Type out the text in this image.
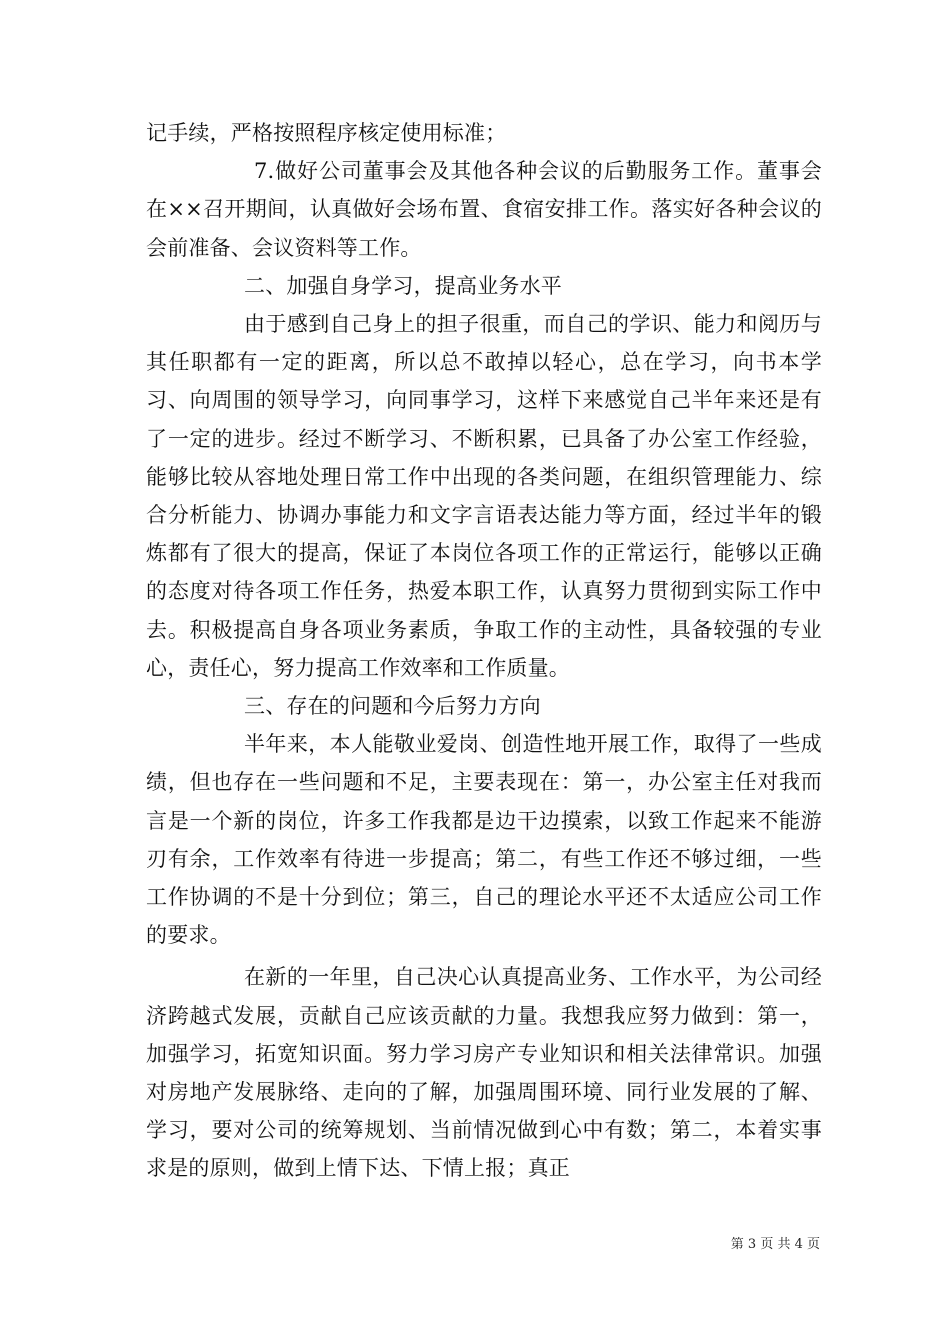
记手续，严格按照程序核定使用标准；

7.做好公司董事会及其他各种会议的后勤服务工作。董事会在××召开期间，认真做好会场布置、食宿安排工作。落实好各种会议的会前准备、会议资料等工作。

二、加强自身学习，提高业务水平

由于感到自己身上的担子很重，而自己的学识、能力和阅历与其任职都有一定的距离，所以总不敢掉以轻心，总在学习，向书本学习、向周围的领导学习，向同事学习，这样下来感觉自己半年来还是有了一定的进步。经过不断学习、不断积累，已具备了办公室工作经验，能够比较从容地处理日常工作中出现的各类问题，在组织管理能力、综合分析能力、协调办事能力和文字言语表达能力等方面，经过半年的锻炼都有了很大的提高，保证了本岗位各项工作的正常运行，能够以正确的态度对待各项工作任务，热爱本职工作，认真努力贯彻到实际工作中去。积极提高自身各项业务素质，争取工作的主动性，具备较强的专业心，责任心，努力提高工作效率和工作质量。

三、存在的问题和今后努力方向

半年来，本人能敬业爱岗、创造性地开展工作，取得了一些成绩，但也存在一些问题和不足，主要表现在：第一，办公室主任对我而言是一个新的岗位，许多工作我都是边干边摸索，以致工作起来不能游刃有余，工作效率有待进一步提高；第二，有些工作还不够过细，一些工作协调的不是十分到位；第三，自己的理论水平还不太适应公司工作的要求。

在新的一年里，自己决心认真提高业务、工作水平，为公司经济跨越式发展，贡献自己应该贡献的力量。我想我应努力做到：第一，加强学习，拓宽知识面。努力学习房产专业知识和相关法律常识。加强对房地产发展脉络、走向的了解，加强周围环境、同行业发展的了解、学习，要对公司的统筹规划、当前情况做到心中有数；第二，本着实事求是的原则，做到上情下达、下情上报；真正

第 3 页 共 4 页
